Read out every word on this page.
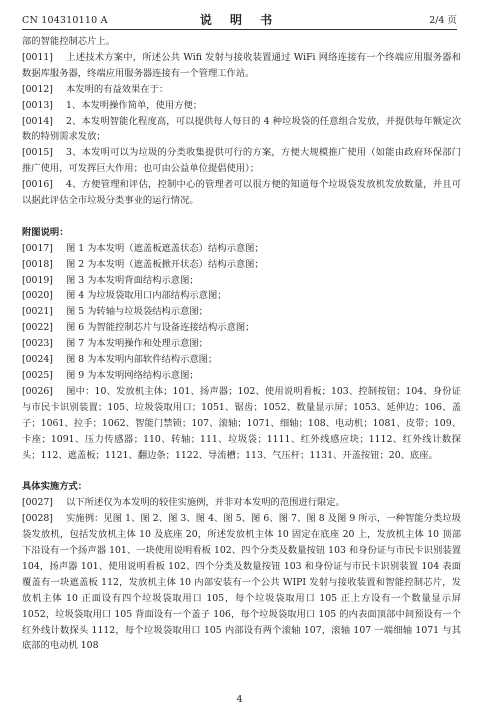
CN 104310110 A	说 明 书	2/4 页

部的智能控制芯片上。

[0011] 上述技术方案中，所述公共 Wifi 发射与接收装置通过 WiFi 网络连接有一个终端应用服务器和数据库服务器，终端应用服务器连接有一个管理工作站。

[0012] 本发明的有益效果在于：

[0013] 1、本发明操作简单，使用方便；

[0014] 2、本发明智能化程度高，可以提供每人每日的 4 种垃圾袋的任意组合发放，并提供每年额定次数的特别需求发放；

[0015] 3、本发明可以为垃圾的分类收集提供可行的方案，方便大规模推广使用（如能由政府环保部门推广使用，可发挥巨大作用；也可由公益单位提倡使用）；

[0016] 4、方便管理和评估，控制中心的管理者可以很方便的知道每个垃圾袋发放机发放数量，并且可以据此评估全市垃圾分类事业的运行情况。

附图说明：

[0017] 图 1 为本发明（遮盖板遮盖状态）结构示意图；

[0018] 图 2 为本发明（遮盖板掀开状态）结构示意图；

[0019] 图 3 为本发明背面结构示意图；

[0020] 图 4 为垃圾袋取用口内部结构示意图；

[0021] 图 5 为转轴与垃圾袋结构示意图；

[0022] 图 6 为智能控制芯片与设备连接结构示意图；

[0023] 图 7 为本发明操作和处理示意图；

[0024] 图 8 为本发明内部软件结构示意图；

[0025] 图 9 为本发明网络结构示意图；

[0026] 图中：10、发放机主体；101、扬声器；102、使用说明看板；103、控制按钮；104、身份证与市民卡识别装置；105、垃圾袋取用口；1051、锯齿；1052、数量显示屏；1053、延伸边；106、盖子；1061、拉手；1062、智能门禁锁；107、滚轴；1071、细轴；108、电动机；1081、皮带；109、卡座；1091、压力传感器；110、转轴；111、垃圾袋；1111、红外线感应块；1112、红外线计数探头；112、遮盖板；1121、翻边条；1122、导流槽；113、气压杆；1131、开盖按钮；20、底座。

具体实施方式：

[0027] 以下所述仅为本发明的较佳实施例，并非对本发明的范围进行限定。

[0028] 实施例：见图 1、图 2、图 3、图 4、图 5、图 6、图 7、图 8 及图 9 所示，一种智能分类垃圾袋发放机，包括发放机主体 10 及底座 20，所述发放机主体 10 固定在底座 20 上，发放机主体 10 顶部下沿设有一个扬声器 101、一块使用说明看板 102、四个分类及数量按钮 103 和身份证与市民卡识别装置 104，扬声器 101、使用说明看板 102、四个分类及数量按钮 103 和身份证与市民卡识别装置 104 表面覆盖有一块遮盖板 112，发放机主体 10 内部安装有一个公共 WIPI 发射与接收装置和智能控制芯片，发放机主体 10 正面设有四个垃圾袋取用口 105，每个垃圾袋取用口 105 正上方设有一个数量显示屏 1052，垃圾袋取用口 105 背面设有一个盖子 106，每个垃圾袋取用口 105 的内表面顶部中间预设有一个红外线计数探头 1112，每个垃圾袋取用口 105 内部设有两个滚轴 107，滚轴 107 一端细轴 1071 与其底部的电动机 108

4
